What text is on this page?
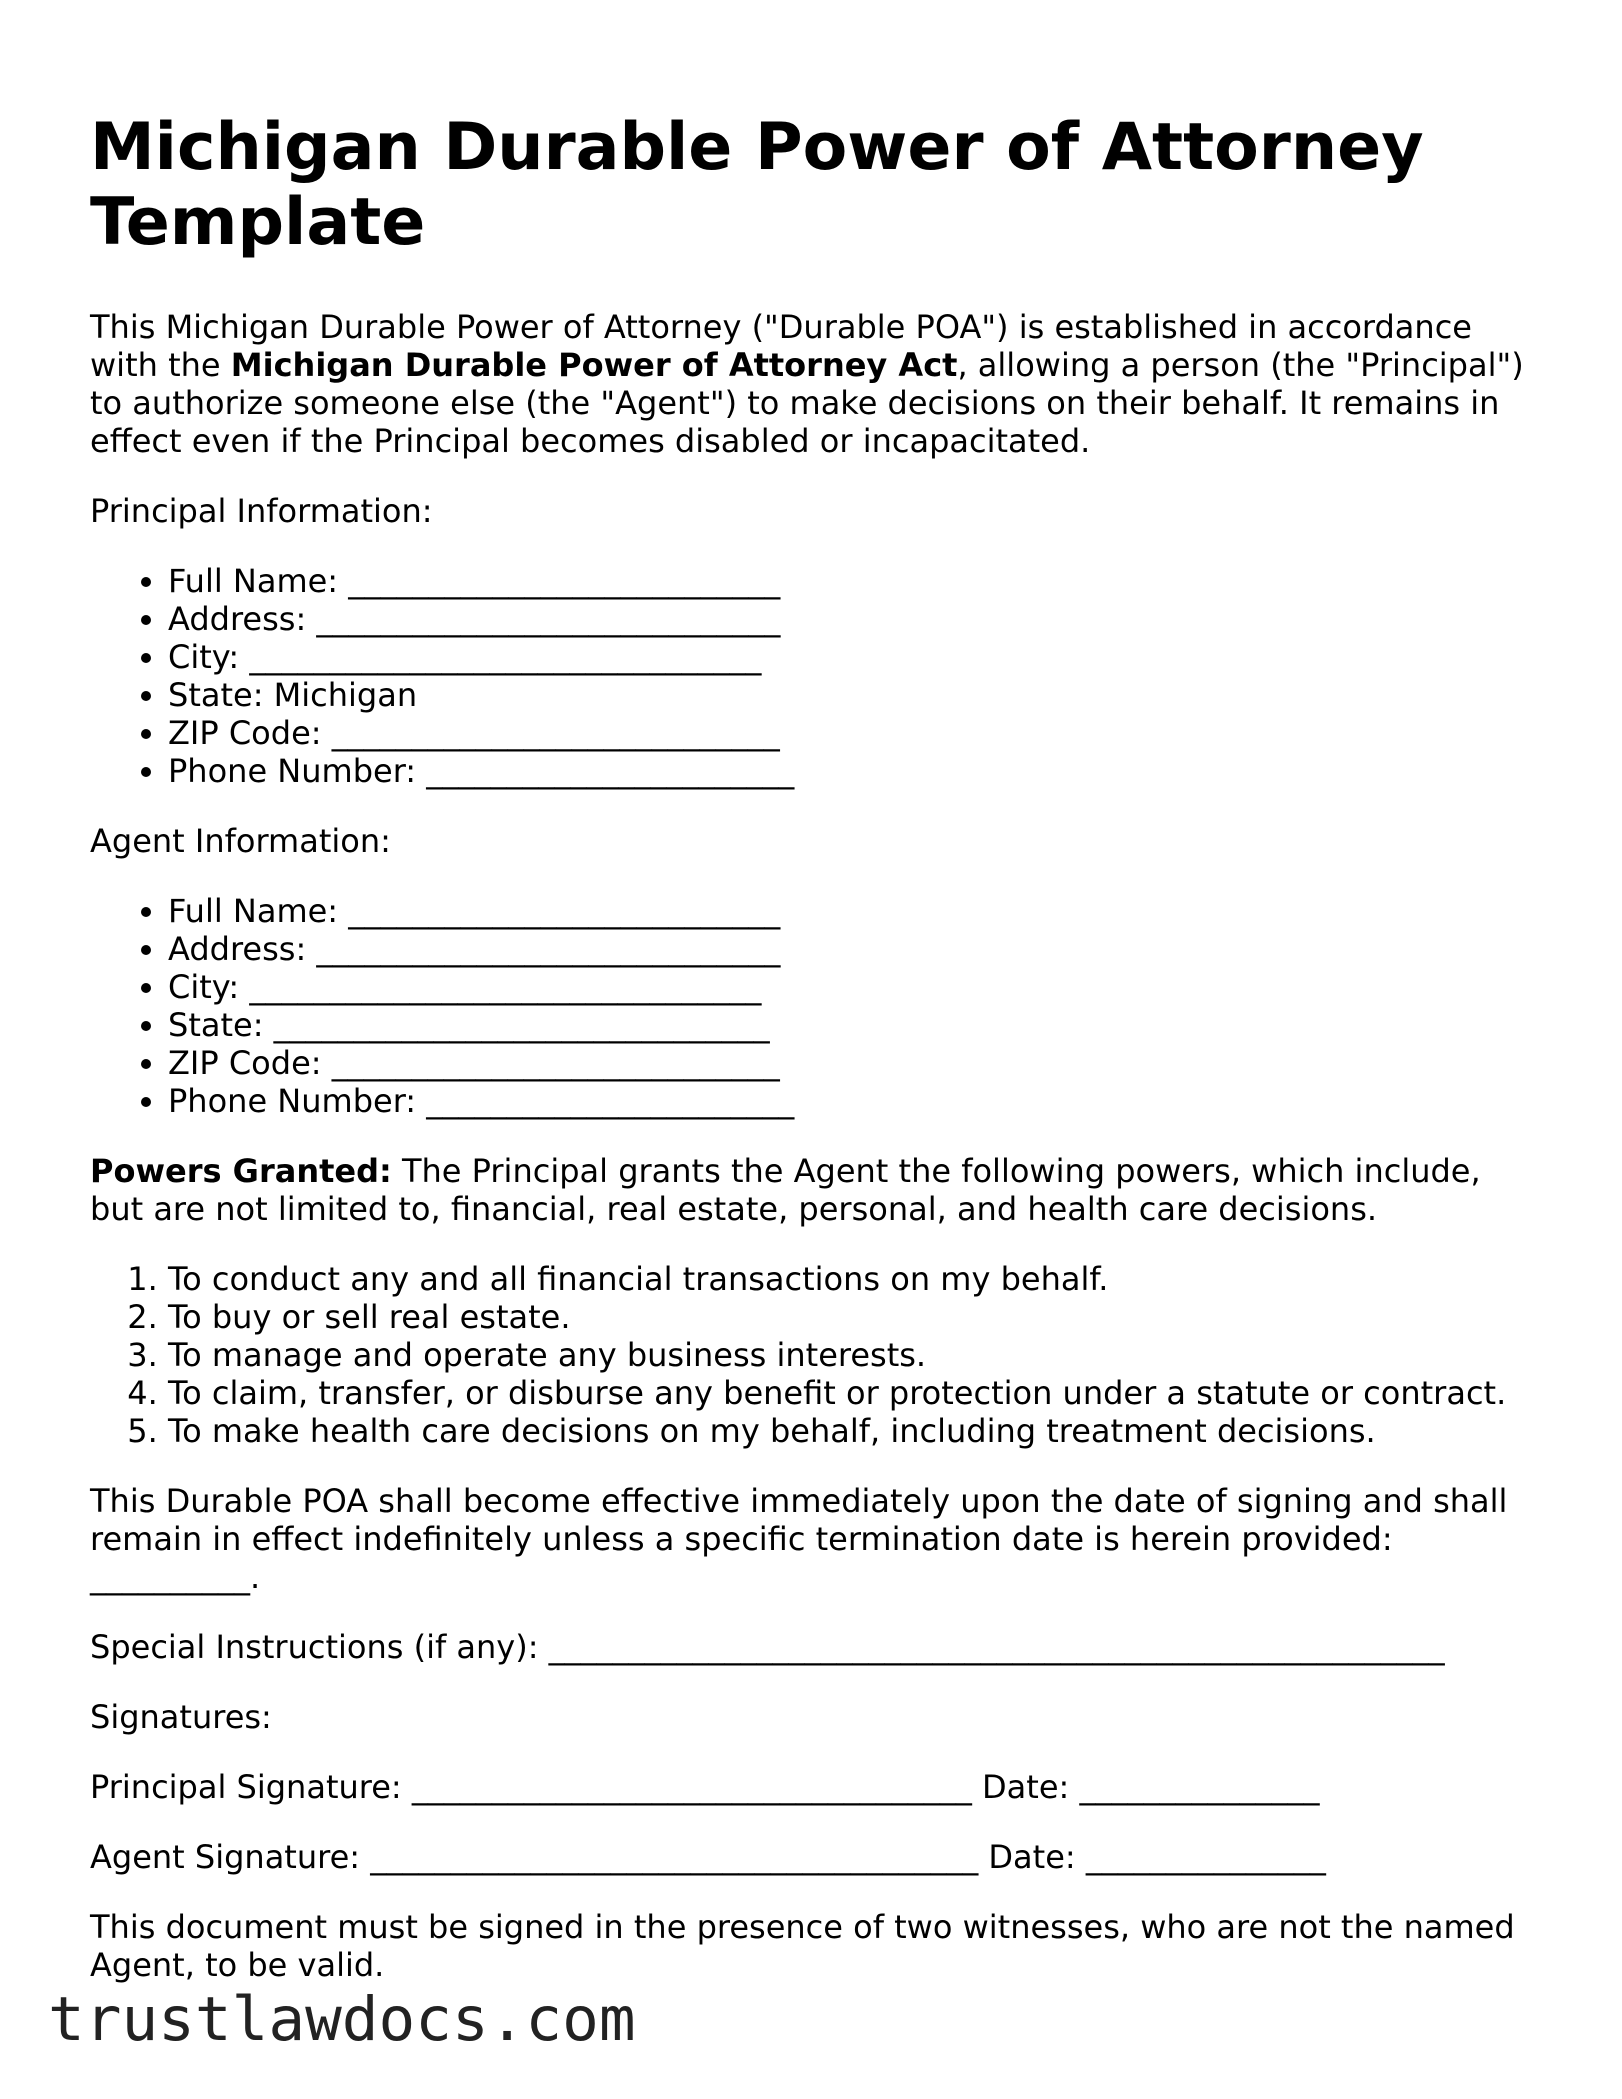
Michigan Durable Power of Attorney Template

This Michigan Durable Power of Attorney ("Durable POA") is established in accordance with the Michigan Durable Power of Attorney Act, allowing a person (the "Principal") to authorize someone else (the "Agent") to make decisions on their behalf. It remains in effect even if the Principal becomes disabled or incapacitated.

Principal Information:

• Full Name: ___________________________
• Address: _____________________________
• City: ________________________________
• State: Michigan
• ZIP Code: ____________________________
• Phone Number: _______________________

Agent Information:

• Full Name: ___________________________
• Address: _____________________________
• City: ________________________________
• State: _______________________________
• ZIP Code: ____________________________
• Phone Number: _______________________

Powers Granted: The Principal grants the Agent the following powers, which include, but are not limited to, financial, real estate, personal, and health care decisions.

1. To conduct any and all financial transactions on my behalf.
2. To buy or sell real estate.
3. To manage and operate any business interests.
4. To claim, transfer, or disburse any benefit or protection under a statute or contract.
5. To make health care decisions on my behalf, including treatment decisions.

This Durable POA shall become effective immediately upon the date of signing and shall remain in effect indefinitely unless a specific termination date is herein provided: __________.

Special Instructions (if any): ________________________________________________________

Signatures:

Principal Signature: ___________________________________ Date: _______________

Agent Signature: ______________________________________ Date: _______________

This document must be signed in the presence of two witnesses, who are not the named Agent, to be valid.

trustlawdocs.com
